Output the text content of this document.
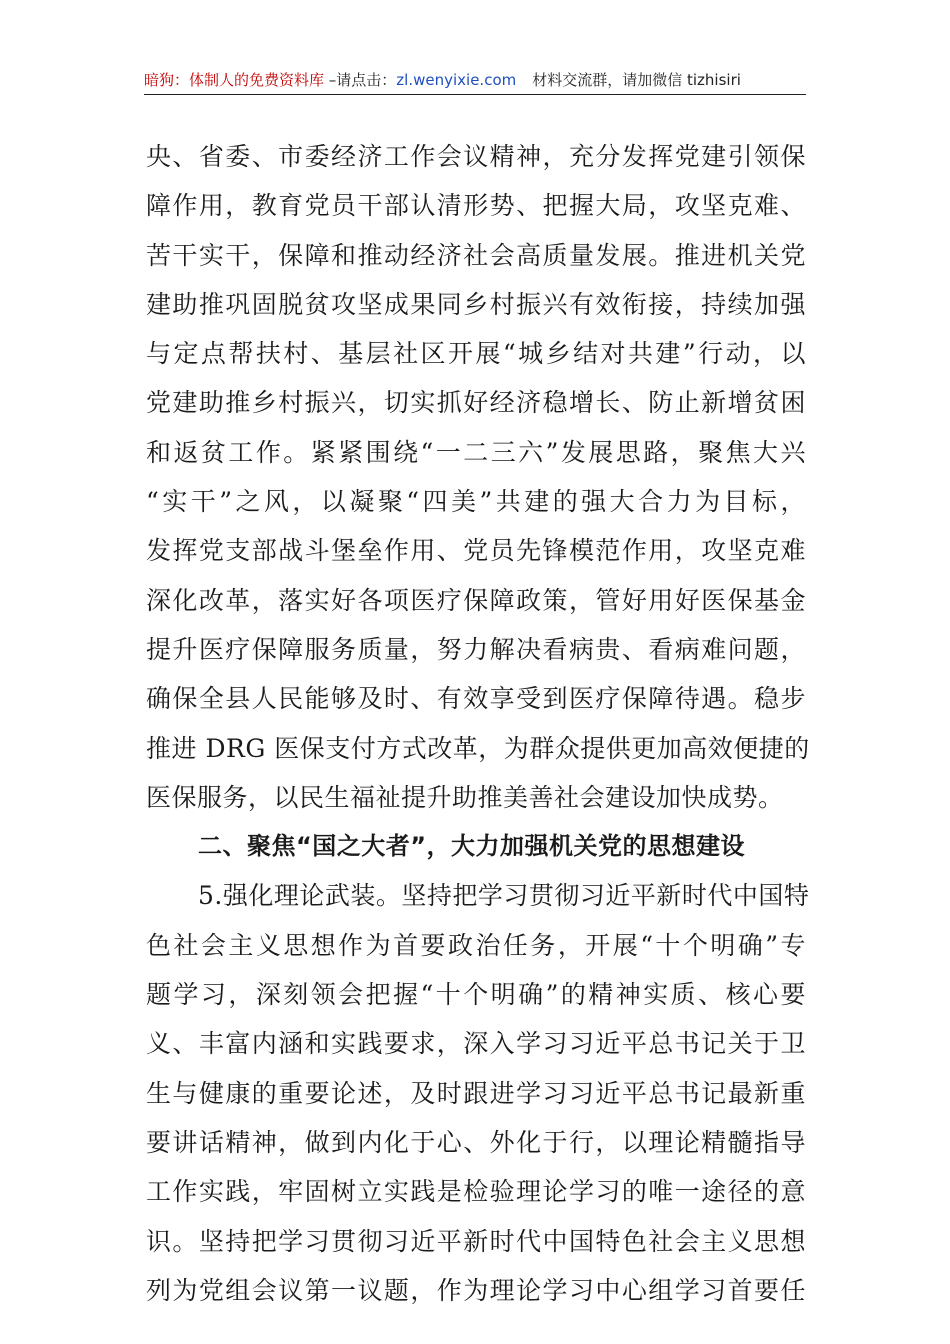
暗狗：体制人的免费资料库 –请点击：zl.wenyixie.com 材料交流群，请加微信 tizhisiri
央、省委、市委经济工作会议精神，充分发挥党建引领保
障作用，教育党员干部认清形势、把握大局，攻坚克难、
苦干实干，保障和推动经济社会高质量发展。推进机关党
建助推巩固脱贫攻坚成果同乡村振兴有效衔接，持续加强
与定点帮扶村、基层社区开展“城乡结对共建”行动，以
党建助推乡村振兴，切实抓好经济稳增长、防止新增贫困
和返贫工作。紧紧围绕“一二三六”发展思路，聚焦大兴
“实干”之风，以凝聚“四美”共建的强大合力为目标，
发挥党支部战斗堡垒作用、党员先锋模范作用，攻坚克难
深化改革，落实好各项医疗保障政策，管好用好医保基金
提升医疗保障服务质量，努力解决看病贵、看病难问题，
确保全县人民能够及时、有效享受到医疗保障待遇。稳步
推进 DRG 医保支付方式改革，为群众提供更加高效便捷的
医保服务，以民生福祉提升助推美善社会建设加快成势。
二、聚焦“国之大者”，大力加强机关党的思想建设
5.强化理论武装。坚持把学习贯彻习近平新时代中国特
色社会主义思想作为首要政治任务，开展“十个明确”专
题学习，深刻领会把握“十个明确”的精神实质、核心要
义、丰富内涵和实践要求，深入学习习近平总书记关于卫
生与健康的重要论述，及时跟进学习习近平总书记最新重
要讲话精神，做到内化于心、外化于行，以理论精髓指导
工作实践，牢固树立实践是检验理论学习的唯一途径的意
识。坚持把学习贯彻习近平新时代中国特色社会主义思想
列为党组会议第一议题，作为理论学习中心组学习首要任
